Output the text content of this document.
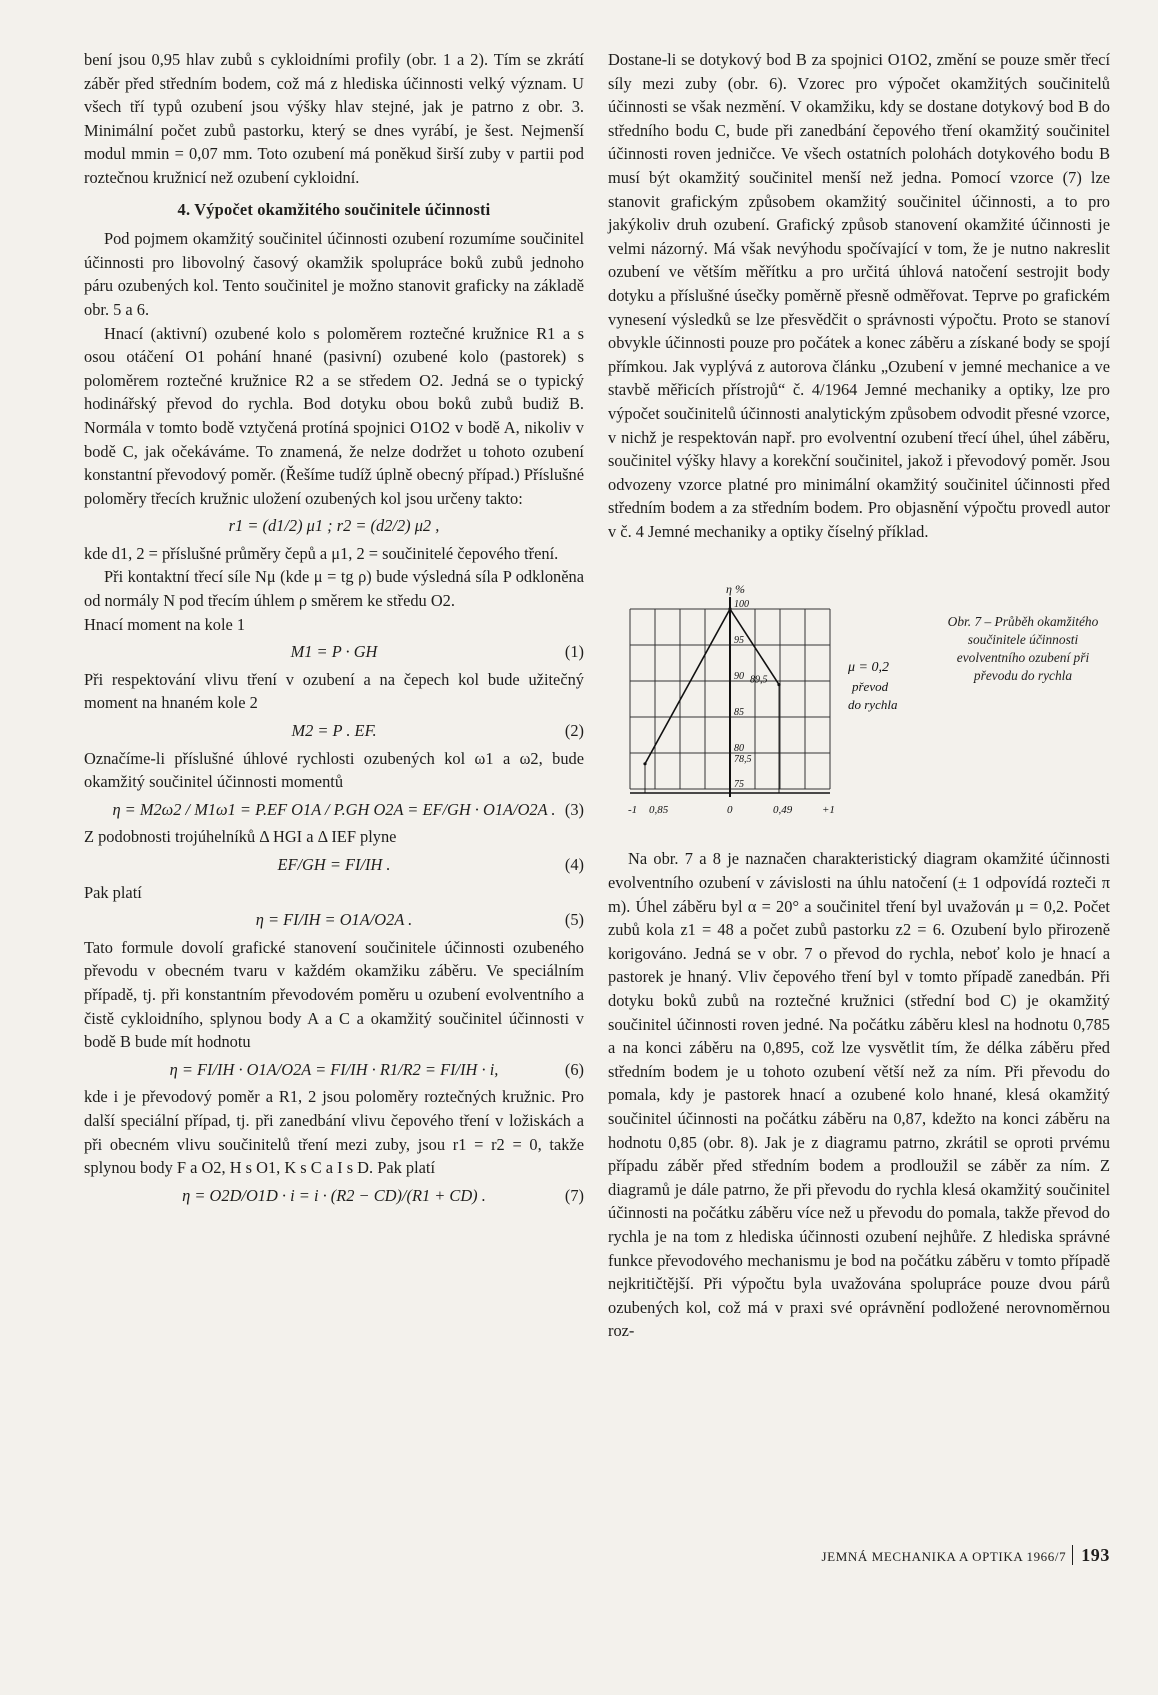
bení jsou 0,95 hlav zubů s cykloidními profily (obr. 1 a 2). Tím se zkrátí záběr před středním bodem, což má z hlediska účinnosti velký význam. U všech tří typů ozubení jsou výšky hlav stejné, jak je patrno z obr. 3. Minimální počet zubů pastorku, který se dnes vyrábí, je šest. Nejmenší modul mmin = 0,07 mm. Toto ozubení má poněkud širší zuby v partii pod roztečnou kružnicí než ozubení cykloidní.

4. Výpočet okamžitého součinitele účinnosti

Pod pojmem okamžitý součinitel účinnosti ozubení rozumíme součinitel účinnosti pro libovolný časový okamžik spolupráce boků zubů jednoho páru ozubených kol. Tento součinitel je možno stanovit graficky na základě obr. 5 a 6.

Hnací (aktivní) ozubené kolo s poloměrem roztečné kružnice R1 a s osou otáčení O1 pohání hnané (pasivní) ozubené kolo (pastorek) s poloměrem roztečné kružnice R2 a se středem O2. Jedná se o typický hodinářský převod do rychla. Bod dotyku obou boků zubů budiž B. Normála v tomto bodě vztyčená protíná spojnici O1O2 v bodě A, nikoliv v bodě C, jak očekáváme. To znamená, že nelze dodržet u tohoto ozubení konstantní převodový poměr. (Řešíme tudíž úplně obecný případ.) Příslušné poloměry třecích kružnic uložení ozubených kol jsou určeny takto:

r1 = (d1/2) μ1 ; r2 = (d2/2) μ2 ,

kde d1, 2 = příslušné průměry čepů a μ1, 2 = součinitelé čepového tření.

Při kontaktní třecí síle Nμ (kde μ = tg ρ) bude výsledná síla P odkloněna od normály N pod třecím úhlem ρ směrem ke středu O2.

Hnací moment na kole 1

M1 = P · GH	(1)

Při respektování vlivu tření v ozubení a na čepech kol bude užitečný moment na hnaném kole 2

M2 = P . EF.	(2)

Označíme-li příslušné úhlové rychlosti ozubených kol ω1 a ω2, bude okamžitý součinitel účinnosti momentů

η = M2ω2 / M1ω1 = P.EF O1A / P.GH O2A = EF/GH · O1A/O2A . (3)

Z podobnosti trojúhelníků Δ HGI a Δ IEF plyne

EF/GH = FI/IH .	(4)

Pak platí

η = FI/IH = O1A/O2A .	(5)

Tato formule dovolí grafické stanovení součinitele účinnosti ozubeného převodu v obecném tvaru v každém okamžiku záběru. Ve speciálním případě, tj. při konstantním převodovém poměru u ozubení evolventního a čistě cykloidního, splynou body A a C a okamžitý součinitel účinnosti v bodě B bude mít hodnotu

η = FI/IH · O1A/O2A = FI/IH · R1/R2 = FI/IH · i,	(6)

kde i je převodový poměr a R1, 2 jsou poloměry roztečných kružnic. Pro další speciální případ, tj. při zanedbání vlivu čepového tření v ložiskách a při obecném vlivu součinitelů tření mezi zuby, jsou r1 = r2 = 0, takže splynou body F a O2, H s O1, K s C a I s D. Pak platí

η = O2D/O1D · i = i · (R2 − CD)/(R1 + CD) .	(7)

Dostane-li se dotykový bod B za spojnici O1O2, změní se pouze směr třecí síly mezi zuby (obr. 6). Vzorec pro výpočet okamžitých součinitelů účinnosti se však nezmění. V okamžiku, kdy se dostane dotykový bod B do středního bodu C, bude při zanedbání čepového tření okamžitý součinitel účinnosti roven jedničce. Ve všech ostatních polohách dotykového bodu B musí být okamžitý součinitel menší než jedna. Pomocí vzorce (7) lze stanovit grafickým způsobem okamžitý součinitel účinnosti, a to pro jakýkoliv druh ozubení. Grafický způsob stanovení okamžité účinnosti je velmi názorný. Má však nevýhodu spočívající v tom, že je nutno nakreslit ozubení ve větším měřítku a pro určitá úhlová natočení sestrojit body dotyku a příslušné úsečky poměrně přesně odměřovat. Teprve po grafickém vynesení výsledků se lze přesvědčit o správnosti výpočtu. Proto se stanoví obvykle účinnosti pouze pro počátek a konec záběru a získané body se spojí přímkou. Jak vyplývá z autorova článku „Ozubení v jemné mechanice a ve stavbě měřicích přístrojů“ č. 4/1964 Jemné mechaniky a optiky, lze pro výpočet součinitelů účinnosti analytickým způsobem odvodit přesné vzorce, v nichž je respektován např. pro evolventní ozubení třecí úhel, úhel záběru, součinitel výšky hlavy a korekční součinitel, jakož i převodový poměr. Jsou odvozeny vzorce platné pro minimální okamžitý součinitel účinnosti před středním bodem a za středním bodem. Pro objasnění výpočtu provedl autor v č. 4 Jemné mechaniky a optiky číselný příklad.

100
95
90
85
80
78,5
75
89,5
η %
-1 0,85	0	0,49	+1
μ = 0,2
převod
do rychla
Obr. 7 – Průběh okamžitého součinitele účinnosti evolventního ozubení při převodu do rychla

Na obr. 7 a 8 je naznačen charakteristický diagram okamžité účinnosti evolventního ozubení v závislosti na úhlu natočení (± 1 odpovídá rozteči π m). Úhel záběru byl α = 20° a součinitel tření byl uvažován μ = 0,2. Počet zubů kola z1 = 48 a počet zubů pastorku z2 = 6. Ozubení bylo přirozeně korigováno. Jedná se v obr. 7 o převod do rychla, neboť kolo je hnací a pastorek je hnaný. Vliv čepového tření byl v tomto případě zanedbán. Při dotyku boků zubů na roztečné kružnici (střední bod C) je okamžitý součinitel účinnosti roven jedné. Na počátku záběru klesl na hodnotu 0,785 a na konci záběru na 0,895, což lze vysvětlit tím, že délka záběru před středním bodem je u tohoto ozubení větší než za ním. Při převodu do pomala, kdy je pastorek hnací a ozubené kolo hnané, klesá okamžitý součinitel účinnosti na počátku záběru na 0,87, kdežto na konci záběru na hodnotu 0,85 (obr. 8). Jak je z diagramu patrno, zkrátil se oproti prvému případu záběr před středním bodem a prodloužil se záběr za ním. Z diagramů je dále patrno, že při převodu do rychla klesá okamžitý součinitel účinnosti na počátku záběru více než u převodu do pomala, takže převod do rychla je na tom z hlediska účinnosti ozubení nejhůře. Z hlediska správné funkce převodového mechanismu je bod na počátku záběru v tomto případě nejkritičtější. Při výpočtu byla uvažována spolupráce pouze dvou párů ozubených kol, což má v praxi své oprávnění podložené nerovnoměrnou roz-

JEMNÁ MECHANIKA A OPTIKA 1966/7 193
